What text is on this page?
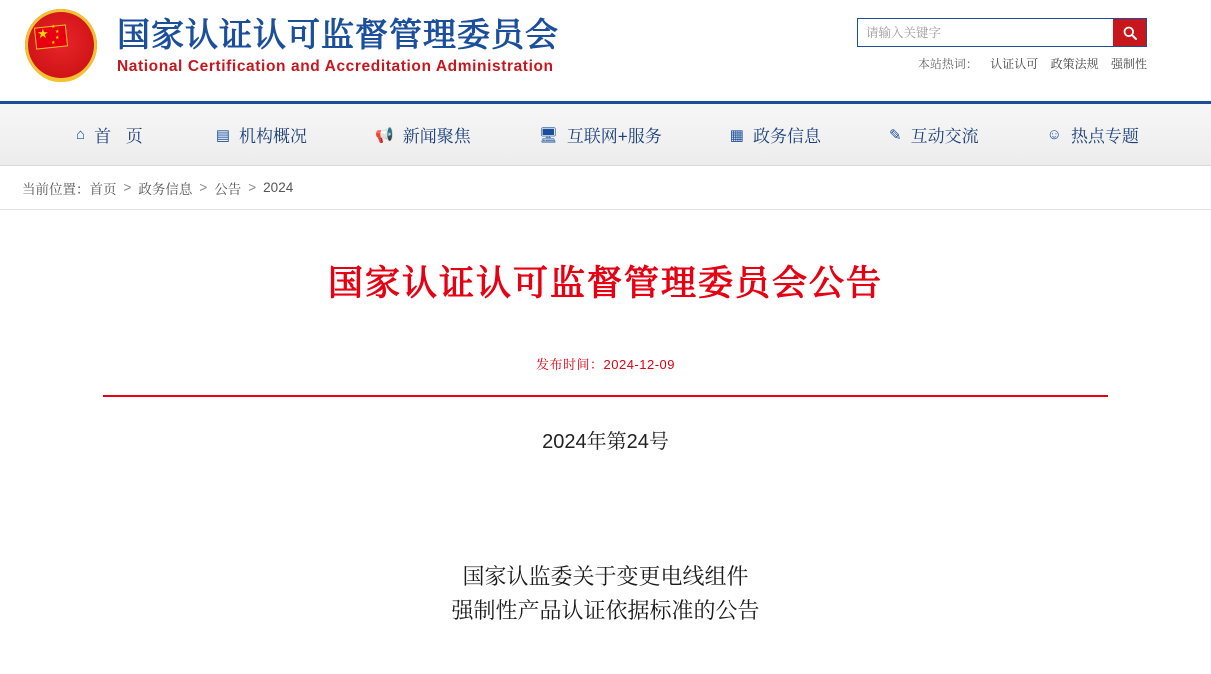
★ ★
★
★
★ 国家认证认可监督管理委员会
National Certification and Accreditation Administration
请输入关键字	本站热词： 认证认可 政策法规 强制性
⌂ 首 页	▤ 机构概况	📢 新闻聚焦	🖥 互联网+服务	▦ 政务信息	✎ 互动交流	☺ 热点专题
当前位置： 首页 > 政务信息 > 公告 > 2024
国家认证认可监督管理委员会公告
发布时间：2024-12-09
2024年第24号
国家认监委关于变更电线组件
强制性产品认证依据标准的公告
